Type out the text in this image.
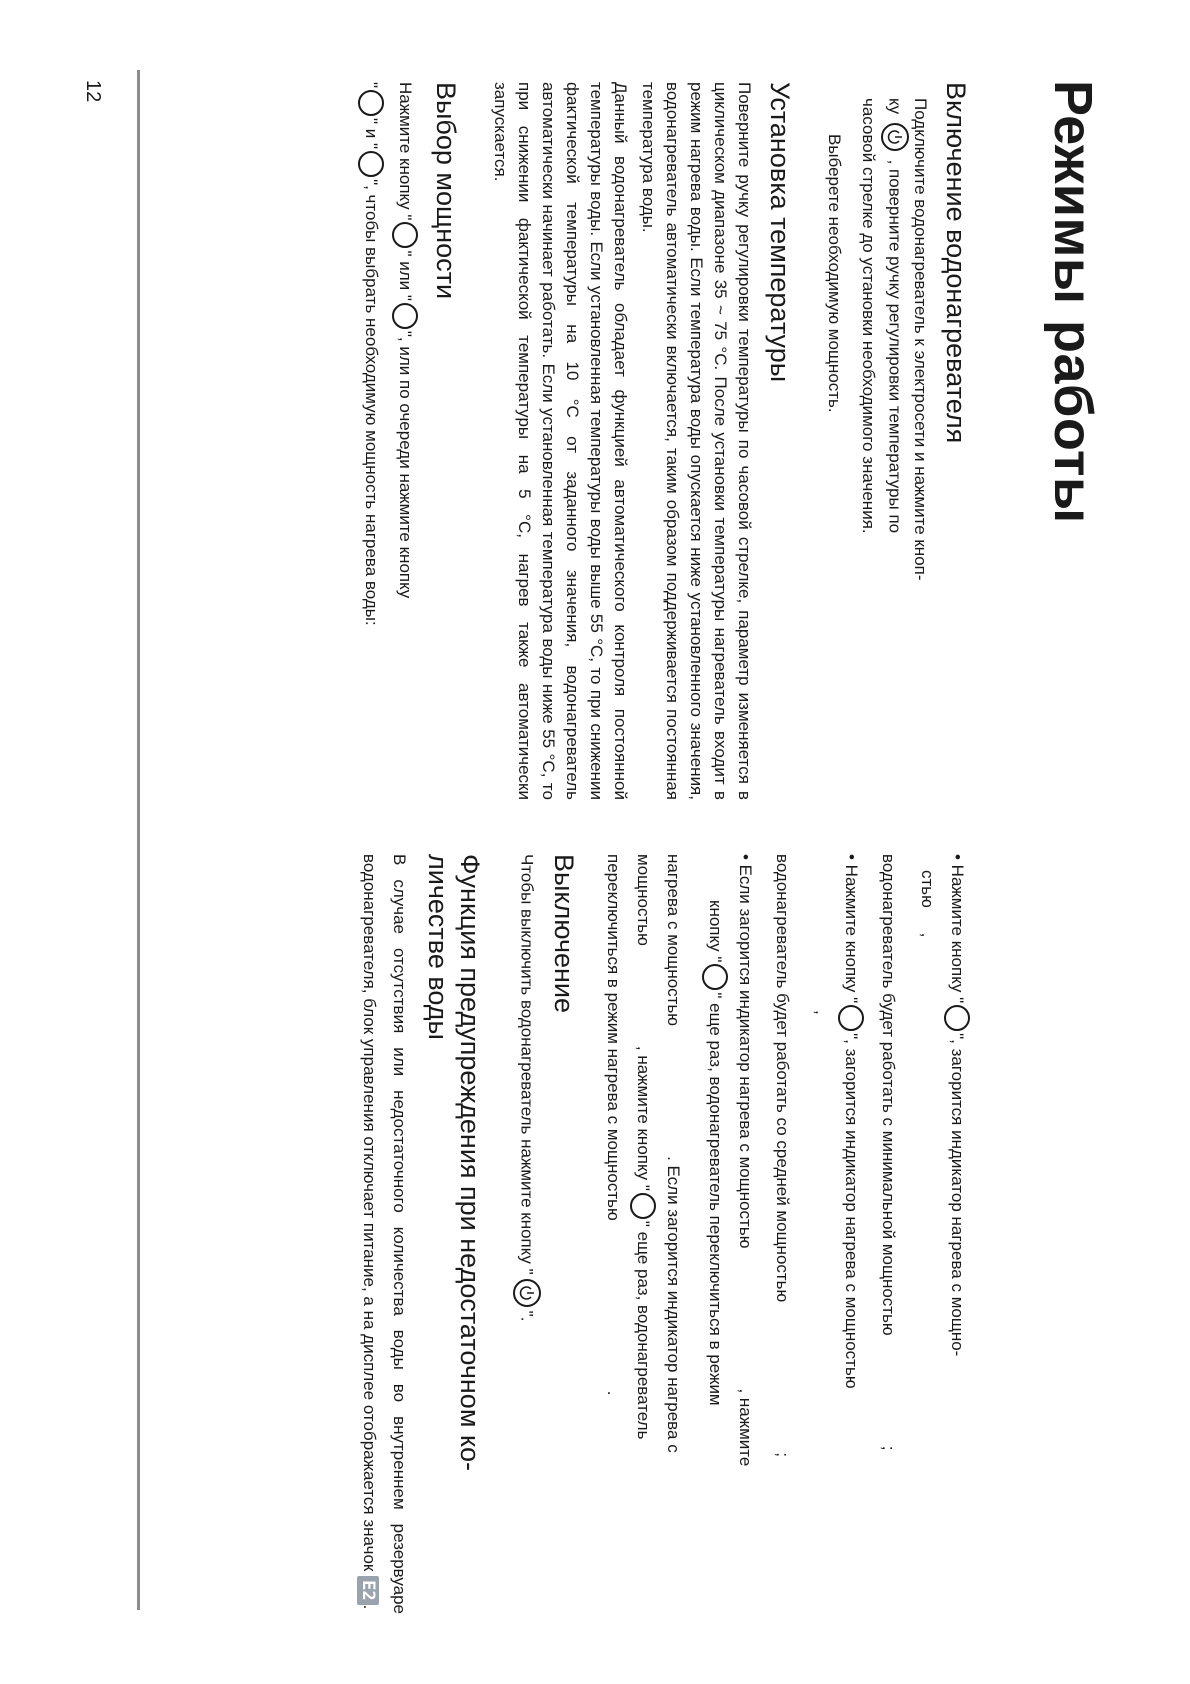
Режимы работы
Включение водонагревателя

Подключите водонагреватель к электросети и нажмите кноп-
ку
, поверните ручку регулировки температуры по
часовой стрелке до установки необходимого значения.

Выберете необходимую мощность.

Установка температуры

Поверните ручку регулировки температуры по часовой стрелке, параметр изменяется в циклическом диапазоне 35 ~ 75 °C. После установки температуры нагреватель входит в режим нагрева воды. Если температура воды опускается ниже установленного значения, водонагреватель автоматически включается, таким образом поддерживается постоянная температура воды.

Данный водонагреватель обладает функцией автоматического контроля постоянной температуры воды. Если установленная температуры воды выше 55 °C, то при снижении фактической температуры на 10 °C от заданного значения, водонагреватель автоматически начинает работать. Если установленная температура воды ниже 55 °C, то при снижении фактической температуры на 5 °C, нагрев также автоматически запускается.

Выбор мощности

Нажмите кнопку "" или "", или по очереди нажмите кнопку
"" и "", чтобы выбрать необходимую мощность нагрева воды:

• Нажмите кнопку "", загорится индикатор нагрева с мощно-
стью ,
водонагреватель будет работать с минимальной мощностью;
• Нажмите кнопку "", загорится индикатор нагрева с мощностью
,
водонагреватель будет работать со средней мощностью;
• Если загорится индикатор нагрева с мощностью, нажмите
кнопку "" еще раз, водонагреватель переключиться в режим
нагрева с мощностью. Если загорится индикатор нагрева с
мощностью, нажмите кнопку "" еще раз, водонагреватель
переключиться в режим нагрева с мощностью.
Выключение

Чтобы выключить водонагреватель нажмите кнопку "
".

Функция предупреждения при недостаточном ко-
личестве воды

В случае отсутствия или недостаточного количества воды во внутреннем резервуаре водонагревателя, блок управления отключает питание, а на дисплее отображается значок E2.

12
